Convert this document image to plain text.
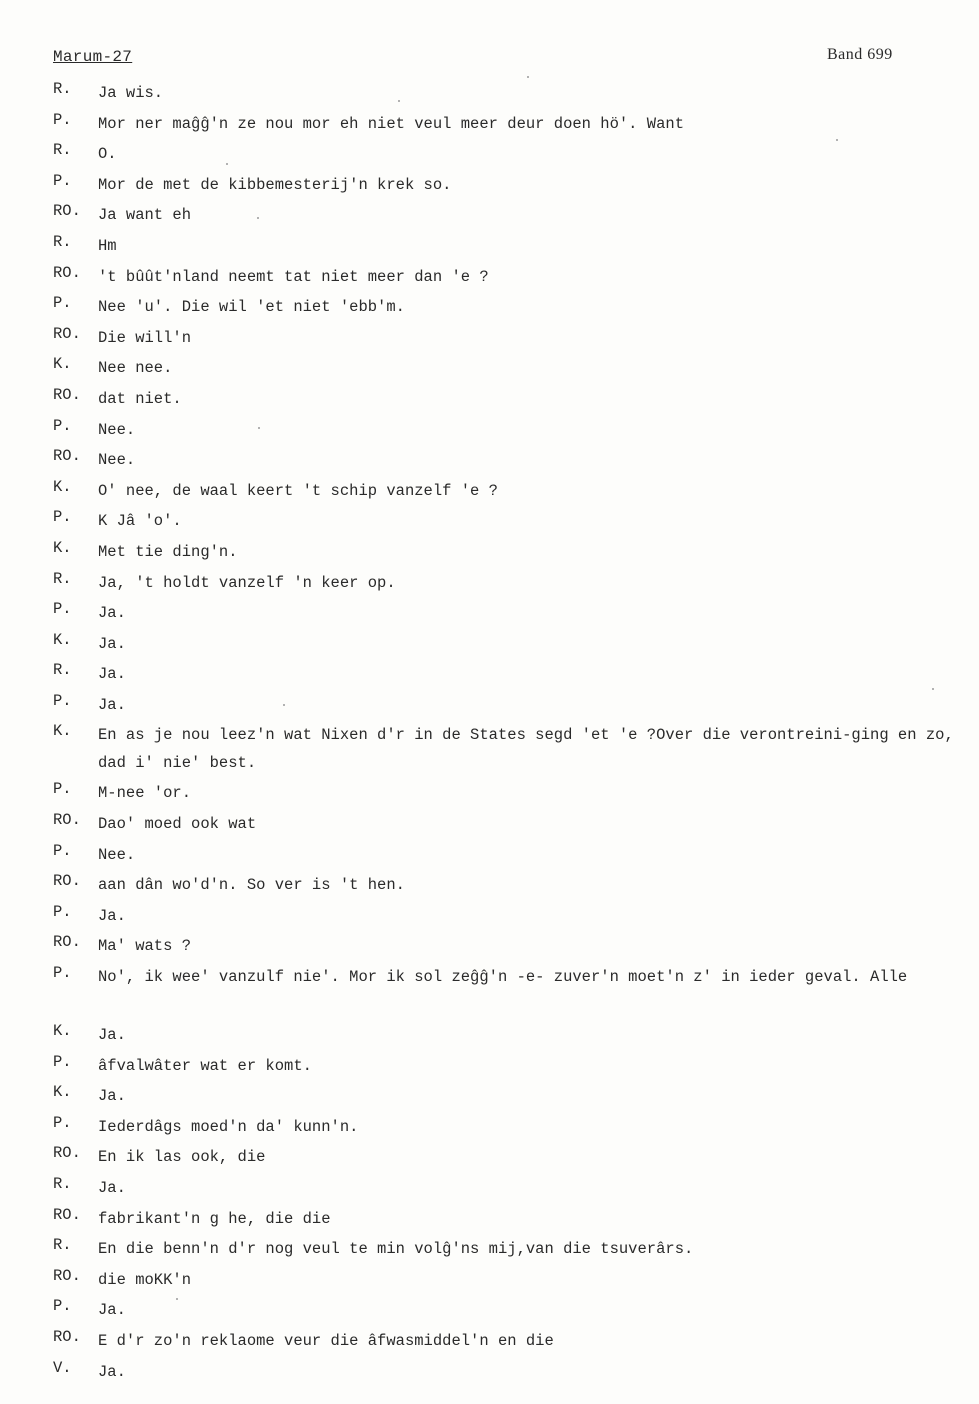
Marum-27	Band 699
R.	Ja wis.
P.	Mor ner maĝĝ'n ze nou mor eh niet veul meer deur doen hö'. Want
R.	O.
P.	Mor de met de kibbemesterij'n krek so.
RO.	Ja want eh
R.	Hm
RO.	't bûût'nland neemt tat niet meer dan 'e ?
P.	Nee 'u'. Die wil 'et niet 'ebb'm.
RO.	Die will'n
K.	Nee nee.
RO.	dat niet.
P.	Nee.
RO.	Nee.
K.	O' nee, de waal keert 't schip vanzelf 'e ?
P.	K Jâ 'o'.
K.	Met tie ding'n.
R.	Ja, 't holdt vanzelf 'n keer op.
P.	Ja.
K.	Ja.
R.	Ja.
P.	Ja.
K.	En as je nou leez'n wat Nixen d'r in de States segd 'et 'e ?Over die verontreini-ging en zo, dad i' nie' best.
P.	M-nee 'or.
RO.	Dao' moed ook wat
P.	Nee.
RO.	aan dân wo'd'n. So ver is 't hen.
P.	Ja.
RO.	Ma' wats ?
P.	No', ik wee' vanzulf nie'. Mor ik sol zeĝĝ'n -e- zuver'n moet'n z' in ieder geval. Alle
K.	Ja.
P.	âfvalwâter wat er komt.
K.	Ja.
P.	Iederdâgs moed'n da' kunn'n.
RO.	En ik las ook, die
R.	Ja.
RO.	fabrikant'n g he, die die
R.	En die benn'n d'r nog veul te min volĝ'ns mij,van die tsuverârs.
RO.	die moKK'n
P.	Ja.
RO.	E d'r zo'n reklaome veur die âfwasmiddel'n en die
V.	Ja.
